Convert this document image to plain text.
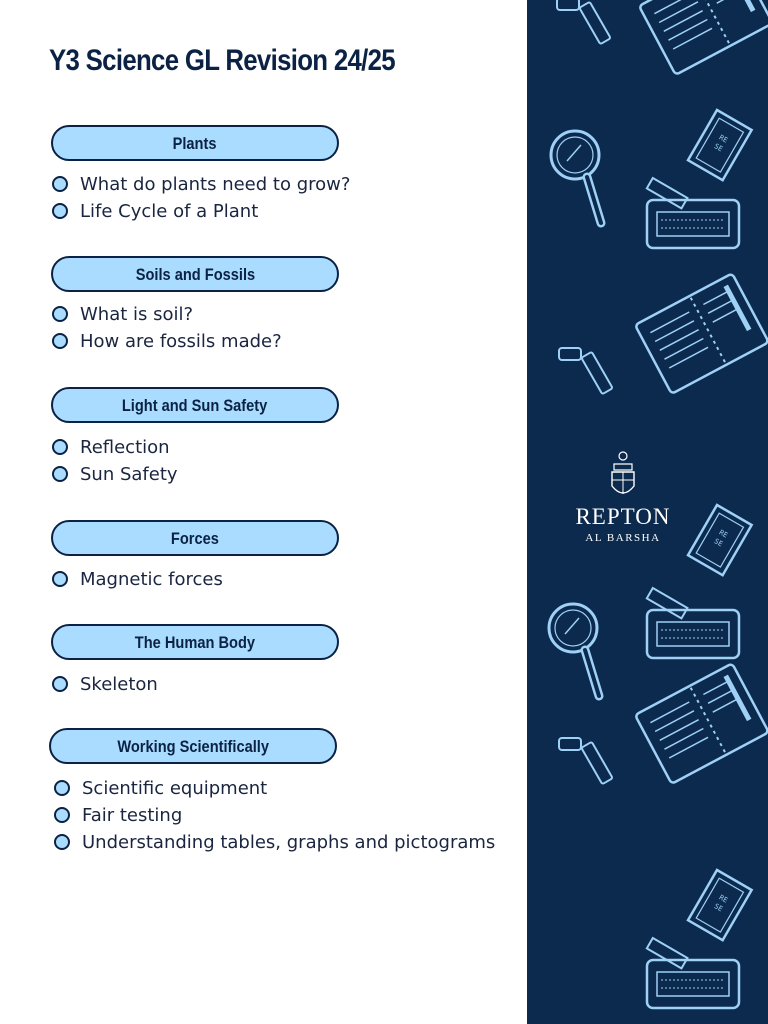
Y3 Science GL Revision 24/25
Plants
What do plants need to grow?
Life Cycle of a Plant
Soils and Fossils
What is soil?
How are fossils made?
Light and Sun Safety
Reflection
Sun Safety
Forces
Magnetic forces
The Human Body
Skeleton
Working Scientifically
Scientific equipment
Fair testing
Understanding tables, graphs and pictograms
RE
SE
REPTON
AL BARSHA
